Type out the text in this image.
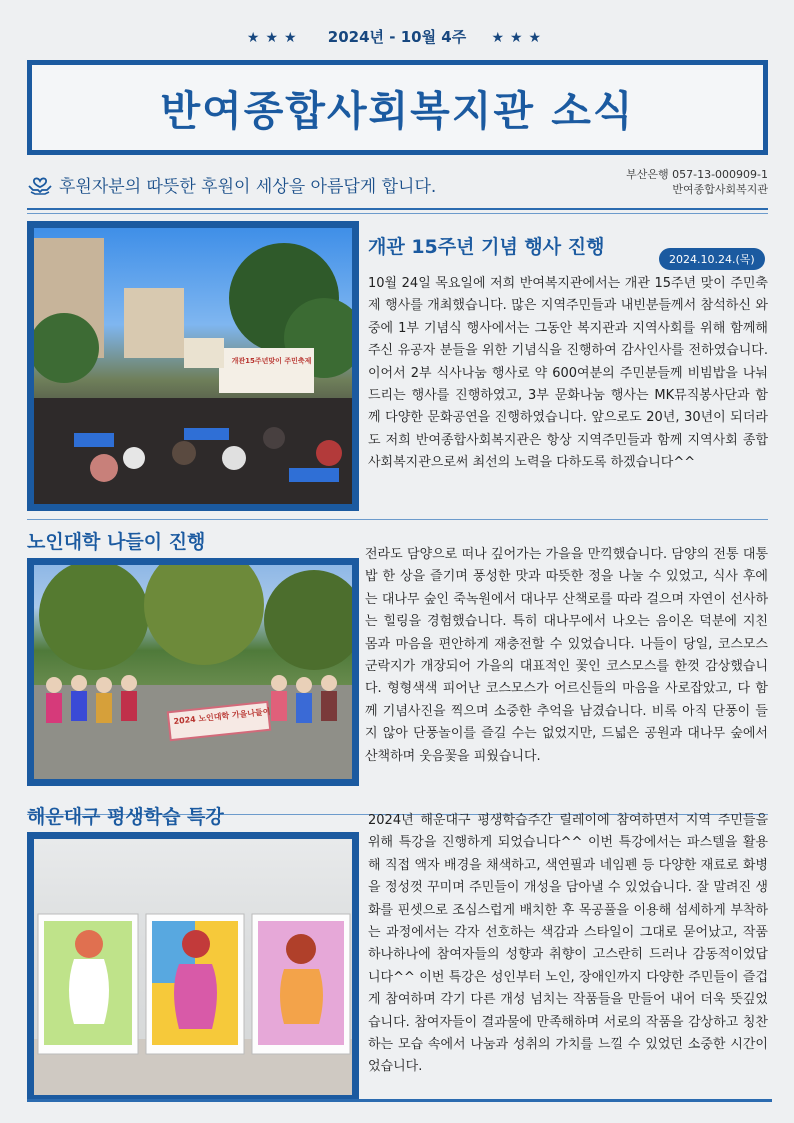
★★★ 2024년 - 10월 4주 ★★★
반여종합사회복지관 소식
후원자분의 따뜻한 후원이 세상을 아름답게 합니다.
부산은행 057-13-000909-1
반여종합사회복지관
개관15주년맞이 주민축제
개관 15주년 기념 행사 진행
2024.10.24.(목)
10월 24일 목요일에 저희 반여복지관에서는 개관 15주년 맞이 주민축제 행사를 개최했습니다. 많은 지역주민들과 내빈분들께서 참석하신 와중에 1부 기념식 행사에서는 그동안 복지관과 지역사회를 위해 함께해주신 유공자 분들을 위한 기념식을 진행하여 감사인사를 전하였습니다. 이어서 2부 식사나눔 행사로 약 600여분의 주민분들께 비빔밥을 나눠드리는 행사를 진행하였고, 3부 문화나눔 행사는 MK뮤직봉사단과 함께 다양한 문화공연을 진행하였습니다. 앞으로도 20년, 30년이 되더라도 저희 반여종합사회복지관은 항상 지역주민들과 함께 지역사회 종합사회복지관으로써 최선의 노력을 다하도록 하겠습니다^^
노인대학 나들이 진행
2024 노인대학 가을나들이
전라도 담양으로 떠나 깊어가는 가을을 만끽했습니다. 담양의 전통 대통밥 한 상을 즐기며 풍성한 맛과 따뜻한 정을 나눌 수 있었고, 식사 후에는 대나무 숲인 죽녹원에서 대나무 산책로를 따라 걸으며 자연이 선사하는 힐링을 경험했습니다. 특히 대나무에서 나오는 음이온 덕분에 지친 몸과 마음을 편안하게 재충전할 수 있었습니다. 나들이 당일, 코스모스 군락지가 개장되어 가을의 대표적인 꽃인 코스모스를 한껏 감상했습니다. 형형색색 피어난 코스모스가 어르신들의 마음을 사로잡았고, 다 함께 기념사진을 찍으며 소중한 추억을 남겼습니다. 비록 아직 단풍이 들지 않아 단풍놀이를 즐길 수는 없었지만, 드넓은 공원과 대나무 숲에서 산책하며 웃음꽃을 피웠습니다.
해운대구 평생학습 특강	2024년 해운대구 평생학습주간 릴레이에 참여하면서 지역 주민들을 위해 특강을 진행하게 되었습니다^^ 이번 특강에서는 파스텔을 활용해 직접 액자 배경을 채색하고, 색연필과 네임펜 등 다양한 재료로 화병을 정성껏 꾸미며 주민들이 개성을 담아낼 수 있었습니다. 잘 말려진 생화를 핀셋으로 조심스럽게 배치한 후 목공풀을 이용해 섬세하게 부착하는 과정에서는 각자 선호하는 색감과 스타일이 그대로 묻어났고, 작품 하나하나에 참여자들의 성향과 취향이 고스란히 드러나 감동적이었답니다^^ 이번 특강은 성인부터 노인, 장애인까지 다양한 주민들이 즐겁게 참여하며 각기 다른 개성 넘치는 작품들을 만들어 내어 더욱 뜻깊었습니다. 참여자들이 결과물에 만족해하며 서로의 작품을 감상하고 칭찬하는 모습 속에서 나눔과 성취의 가치를 느낄 수 있었던 소중한 시간이었습니다.
